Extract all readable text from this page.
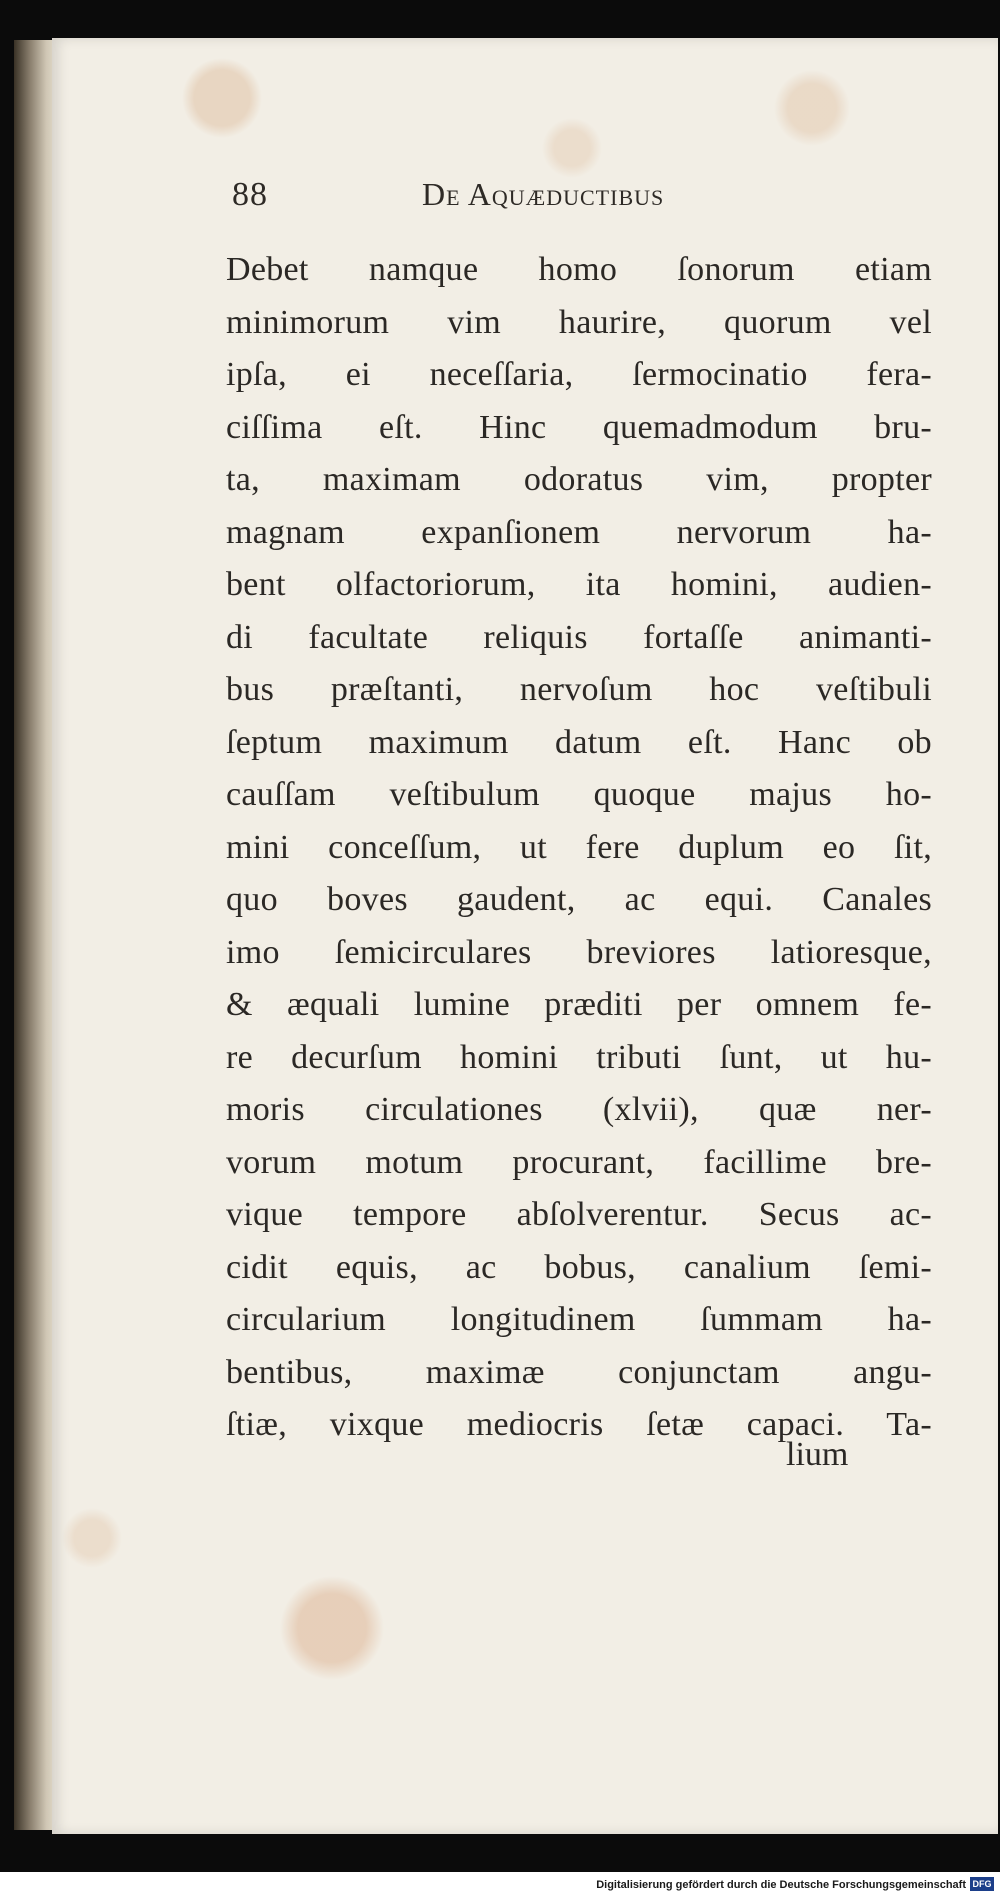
88	De Aquæductibus
Debet namque homo ſonorum etiam
minimorum vim haurire, quorum vel
ipſa, ei neceſſaria, ſermocinatio fera-
ciſſima eſt. Hinc quemadmodum bru-
ta, maximam odoratus vim, propter
magnam expanſionem nervorum ha-
bent olfactoriorum, ita homini, audien-
di facultate reliquis fortaſſe animanti-
bus præſtanti, nervoſum hoc veſtibuli
ſeptum maximum datum eſt. Hanc ob
cauſſam veſtibulum quoque majus ho-
mini conceſſum, ut fere duplum eo ſit,
quo boves gaudent, ac equi. Canales
imo ſemicirculares breviores latioresque,
& æquali lumine præditi per omnem fe-
re decurſum homini tributi ſunt, ut hu-
moris circulationes (xlvii), quæ ner-
vorum motum procurant, facillime bre-
vique tempore abſolverentur. Secus ac-
cidit equis, ac bobus, canalium ſemi-
circularium longitudinem ſummam ha-
bentibus, maximæ conjunctam angu-
ſtiæ, vixque mediocris ſetæ capaci. Ta-
lium
Digitalisierung gefördert durch die Deutsche Forschungsgemeinschaft DFG
